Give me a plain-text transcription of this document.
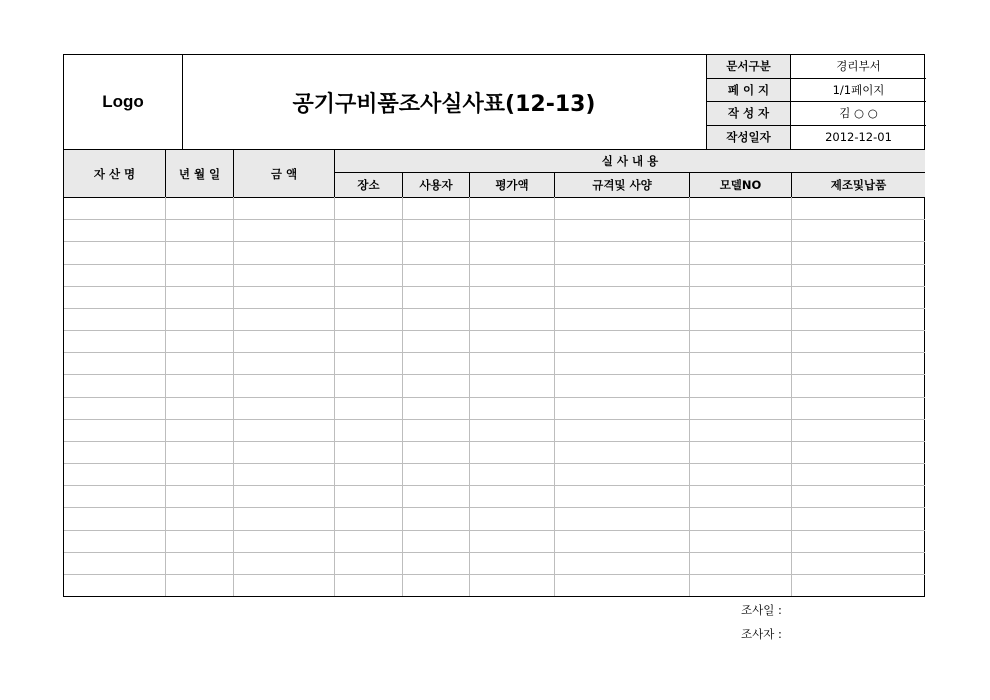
Logo	공기구비품조사실사표(12-13)
문서구분	경리부서
페 이 지	1/1페이지
작 성 자	김 ○ ○
작성일자	2012-12-01
자 산 명	년 월 일	금 액
실 사 내 용
장소	사용자	평가액	규격및 사양	모델NO	제조및납품
조사일 :
조사자 :
